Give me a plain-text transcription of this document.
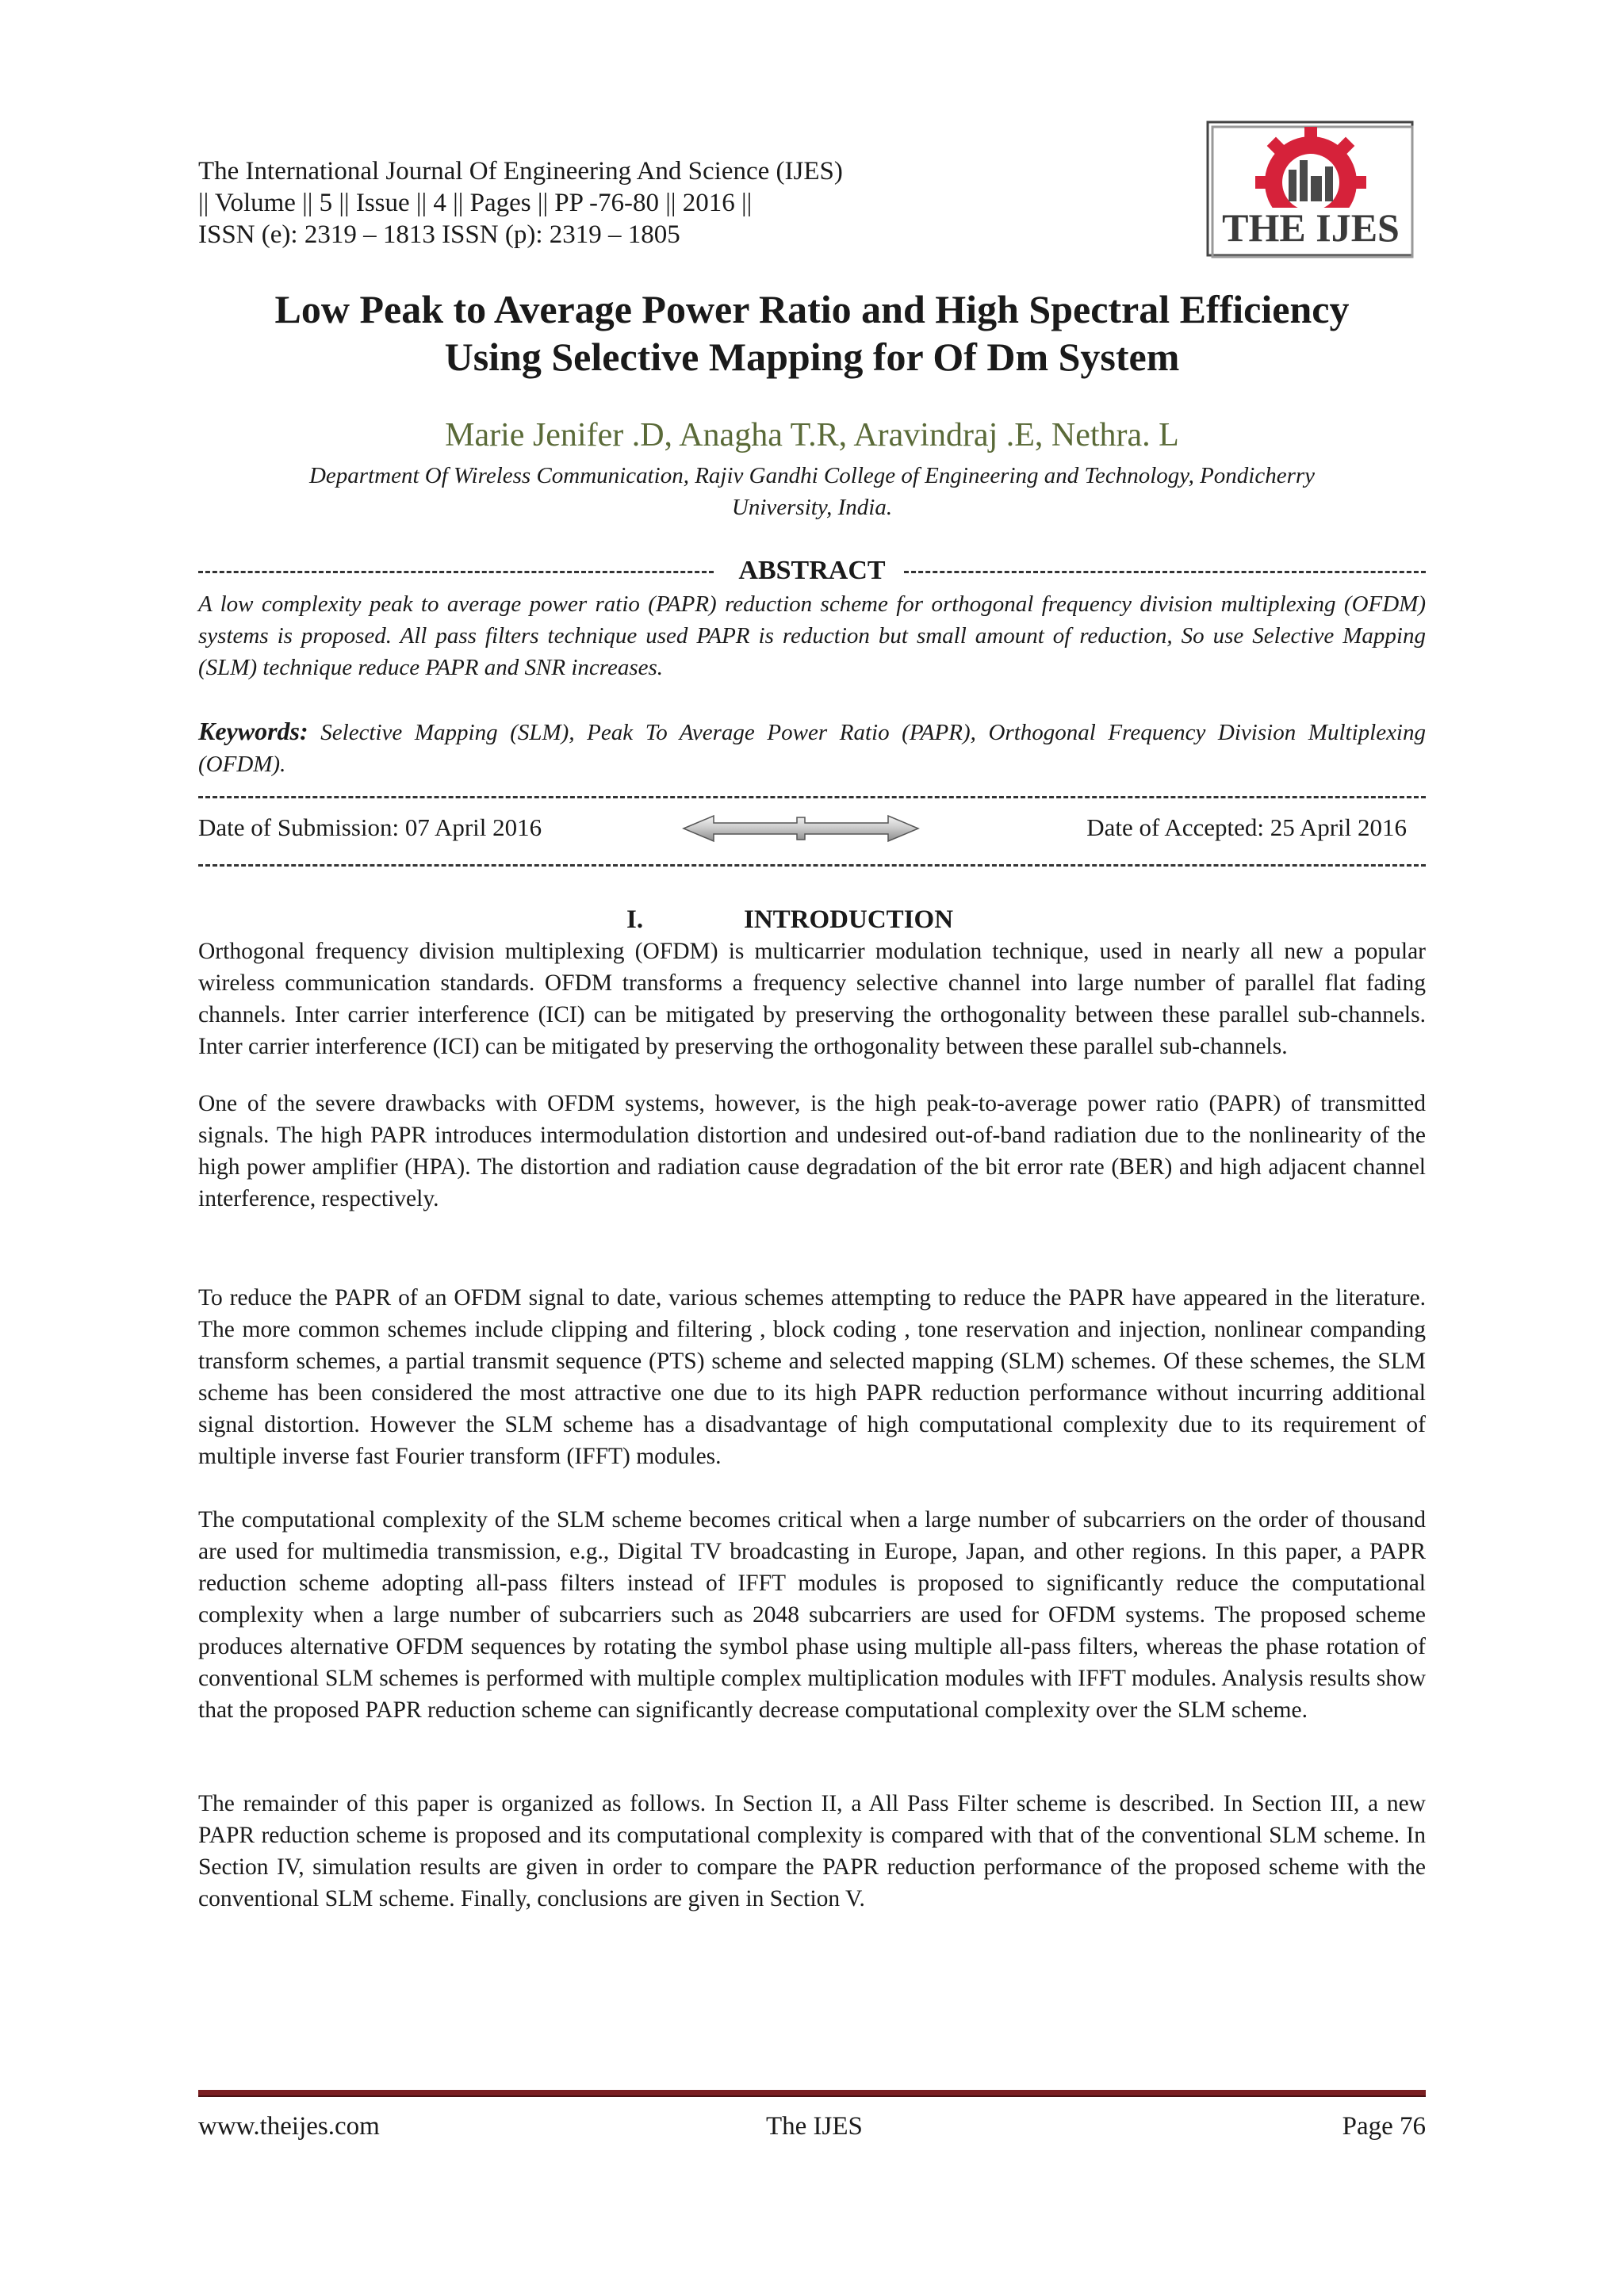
The International Journal Of Engineering And Science (IJES)

|| Volume || 5 || Issue || 4 || Pages || PP -76-80 || 2016 ||

ISSN (e): 2319 – 1813 ISSN (p): 2319 – 1805	THE IJES
Low Peak to Average Power Ratio and High Spectral Efficiency
Using Selective Mapping for Of Dm System

Marie Jenifer .D, Anagha T.R, Aravindraj .E, Nethra. L

Department Of Wireless Communication, Rajiv Gandhi College of Engineering and Technology, Pondicherry
University, India.

ABSTRACT

A low complexity peak to average power ratio (PAPR) reduction scheme for orthogonal frequency division multiplexing (OFDM) systems is proposed. All pass filters technique used PAPR is reduction but small amount of reduction, So use Selective Mapping (SLM) technique reduce PAPR and SNR increases.

Keywords: Selective Mapping (SLM), Peak To Average Power Ratio (PAPR), Orthogonal Frequency Division Multiplexing (OFDM).

Date of Submission: 07 April 2016	Date of Accepted: 25 April 2016
I.	INTRODUCTION

Orthogonal frequency division multiplexing (OFDM) is multicarrier modulation technique, used in nearly all new a popular wireless communication standards. OFDM transforms a frequency selective channel into large number of parallel flat fading channels. Inter carrier interference (ICI) can be mitigated by preserving the orthogonality between these parallel sub-channels. Inter carrier interference (ICI) can be mitigated by preserving the orthogonality between these parallel sub-channels.

One of the severe drawbacks with OFDM systems, however, is the high peak-to-average power ratio (PAPR) of transmitted signals. The high PAPR introduces intermodulation distortion and undesired out-of-band radiation due to the nonlinearity of the high power amplifier (HPA). The distortion and radiation cause degradation of the bit error rate (BER) and high adjacent channel interference, respectively.

To reduce the PAPR of an OFDM signal to date, various schemes attempting to reduce the PAPR have appeared in the literature. The more common schemes include clipping and filtering , block coding , tone reservation and injection, nonlinear companding transform schemes, a partial transmit sequence (PTS) scheme and selected mapping (SLM) schemes. Of these schemes, the SLM scheme has been considered the most attractive one due to its high PAPR reduction performance without incurring additional signal distortion. However the SLM scheme has a disadvantage of high computational complexity due to its requirement of multiple inverse fast Fourier transform (IFFT) modules.

The computational complexity of the SLM scheme becomes critical when a large number of subcarriers on the order of thousand are used for multimedia transmission, e.g., Digital TV broadcasting in Europe, Japan, and other regions. In this paper, a PAPR reduction scheme adopting all-pass filters instead of IFFT modules is proposed to significantly reduce the computational complexity when a large number of subcarriers such as 2048 subcarriers are used for OFDM systems. The proposed scheme produces alternative OFDM sequences by rotating the symbol phase using multiple all-pass filters, whereas the phase rotation of conventional SLM schemes is performed with multiple complex multiplication modules with IFFT modules. Analysis results show that the proposed PAPR reduction scheme can significantly decrease computational complexity over the SLM scheme.

The remainder of this paper is organized as follows. In Section II, a All Pass Filter scheme is described. In Section III, a new PAPR reduction scheme is proposed and its computational complexity is compared with that of the conventional SLM scheme. In Section IV, simulation results are given in order to compare the PAPR reduction performance of the proposed scheme with the conventional SLM scheme. Finally, conclusions are given in Section V.

www.theijes.com	The IJES	Page 76
